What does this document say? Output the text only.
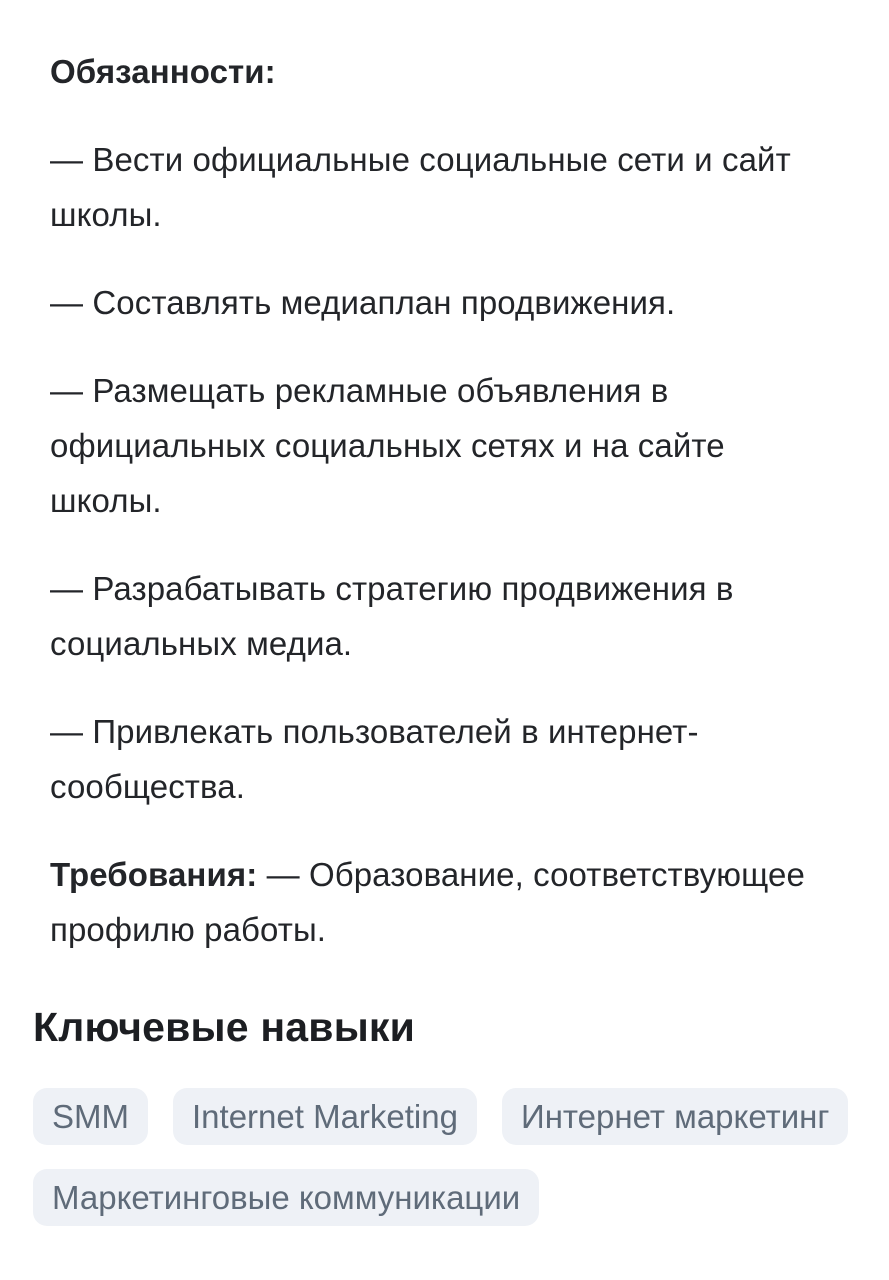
Обязанности:

— Вести официальные социальные сети и сайт школы.

— Составлять медиаплан продвижения.

— Размещать рекламные объявления в официальных социальных сетях и на сайте школы.

— Разрабатывать стратегию продвижения в социальных медиа.

— Привлекать пользователей в интернет-сообщества.

Требования: — Образование, соответствующее профилю работы.

Ключевые навыки
SMM	Internet Marketing	Интернет маркетинг
Маркетинговые коммуникации
